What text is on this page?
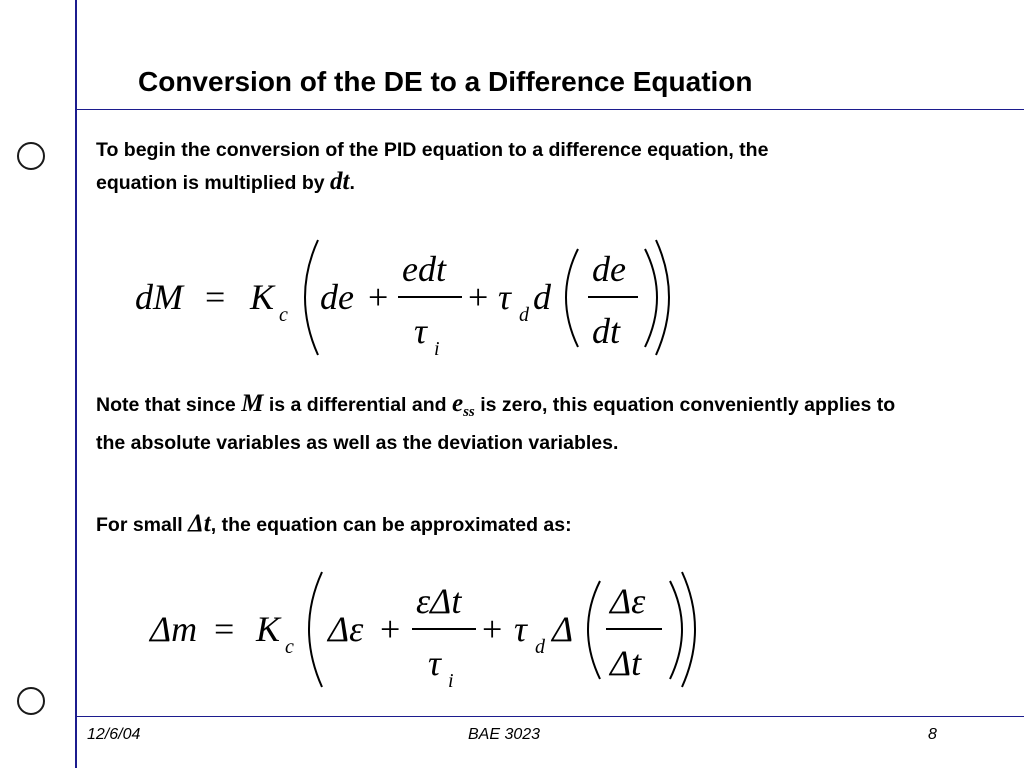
Conversion of the DE to a Difference Equation

To begin the conversion of the PID equation to a difference equation, the equation is multiplied by dt.

dM = K c de +
edt
τ i
+ τ d d
de
dt

Note that since M is a differential and $e_{ss}$ is zero, this equation conveniently applies to the absolute variables as well as the deviation variables.

For small Δt, the equation can be approximated as:

Δm = K c Δε +
εΔt
τ i
+ τ d Δ
Δε
Δt
12/6/04	BAE 3023	8
